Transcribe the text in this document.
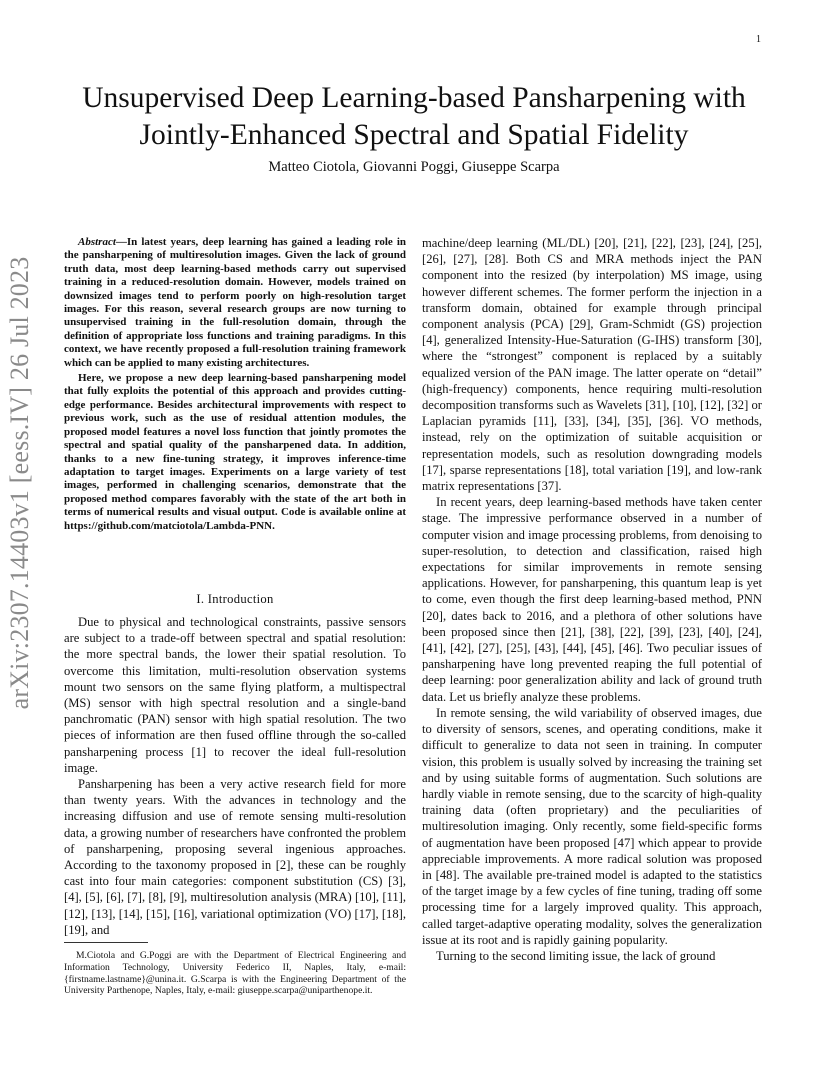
1
arXiv:2307.14403v1 [eess.IV] 26 Jul 2023
Unsupervised Deep Learning-based Pansharpening with Jointly-Enhanced Spectral and Spatial Fidelity
Matteo Ciotola, Giovanni Poggi, Giuseppe Scarpa

Abstract—In latest years, deep learning has gained a leading role in the pansharpening of multiresolution images. Given the lack of ground truth data, most deep learning-based methods carry out supervised training in a reduced-resolution domain. However, models trained on downsized images tend to perform poorly on high-resolution target images. For this reason, several research groups are now turning to unsupervised training in the full-resolution domain, through the definition of appropriate loss functions and training paradigms. In this context, we have recently proposed a full-resolution training framework which can be applied to many existing architectures.

Here, we propose a new deep learning-based pansharpening model that fully exploits the potential of this approach and provides cutting-edge performance. Besides architectural improvements with respect to previous work, such as the use of residual attention modules, the proposed model features a novel loss function that jointly promotes the spectral and spatial quality of the pansharpened data. In addition, thanks to a new fine-tuning strategy, it improves inference-time adaptation to target images. Experiments on a large variety of test images, performed in challenging scenarios, demonstrate that the proposed method compares favorably with the state of the art both in terms of numerical results and visual output. Code is available online at https://github.com/matciotola/Lambda-PNN.

I. Introduction

Due to physical and technological constraints, passive sensors are subject to a trade-off between spectral and spatial resolution: the more spectral bands, the lower their spatial resolution. To overcome this limitation, multi-resolution observation systems mount two sensors on the same flying platform, a multispectral (MS) sensor with high spectral resolution and a single-band panchromatic (PAN) sensor with high spatial resolution. The two pieces of information are then fused offline through the so-called pansharpening process [1] to recover the ideal full-resolution image.

Pansharpening has been a very active research field for more than twenty years. With the advances in technology and the increasing diffusion and use of remote sensing multi-resolution data, a growing number of researchers have confronted the problem of pansharpening, proposing several ingenious approaches. According to the taxonomy proposed in [2], these can be roughly cast into four main categories: component substitution (CS) [3], [4], [5], [6], [7], [8], [9], multiresolution analysis (MRA) [10], [11], [12], [13], [14], [15], [16], variational optimization (VO) [17], [18], [19], and

machine/deep learning (ML/DL) [20], [21], [22], [23], [24], [25], [26], [27], [28]. Both CS and MRA methods inject the PAN component into the resized (by interpolation) MS image, using however different schemes. The former perform the injection in a transform domain, obtained for example through principal component analysis (PCA) [29], Gram-Schmidt (GS) projection [4], generalized Intensity-Hue-Saturation (G-IHS) transform [30], where the “strongest” component is replaced by a suitably equalized version of the PAN image. The latter operate on “detail” (high-frequency) components, hence requiring multi-resolution decomposition transforms such as Wavelets [31], [10], [12], [32] or Laplacian pyramids [11], [33], [34], [35], [36]. VO methods, instead, rely on the optimization of suitable acquisition or representation models, such as resolution downgrading models [17], sparse representations [18], total variation [19], and low-rank matrix representations [37].

In recent years, deep learning-based methods have taken center stage. The impressive performance observed in a number of computer vision and image processing problems, from denoising to super-resolution, to detection and classification, raised high expectations for similar improvements in remote sensing applications. However, for pansharpening, this quantum leap is yet to come, even though the first deep learning-based method, PNN [20], dates back to 2016, and a plethora of other solutions have been proposed since then [21], [38], [22], [39], [23], [40], [24], [41], [42], [27], [25], [43], [44], [45], [46]. Two peculiar issues of pansharpening have long prevented reaping the full potential of deep learning: poor generalization ability and lack of ground truth data. Let us briefly analyze these problems.

In remote sensing, the wild variability of observed images, due to diversity of sensors, scenes, and operating conditions, make it difficult to generalize to data not seen in training. In computer vision, this problem is usually solved by increasing the training set and by using suitable forms of augmentation. Such solutions are hardly viable in remote sensing, due to the scarcity of high-quality training data (often proprietary) and the peculiarities of multiresolution imaging. Only recently, some field-specific forms of augmentation have been proposed [47] which appear to provide appreciable improvements. A more radical solution was proposed in [48]. The available pre-trained model is adapted to the statistics of the target image by a few cycles of fine tuning, trading off some processing time for a largely improved quality. This approach, called target-adaptive operating modality, solves the generalization issue at its root and is rapidly gaining popularity.

Turning to the second limiting issue, the lack of ground

M.Ciotola and G.Poggi are with the Department of Electrical Engineering and Information Technology, University Federico II, Naples, Italy, e-mail: {firstname.lastname}@unina.it. G.Scarpa is with the Engineering Department of the University Parthenope, Naples, Italy, e-mail: giuseppe.scarpa@uniparthenope.it.
